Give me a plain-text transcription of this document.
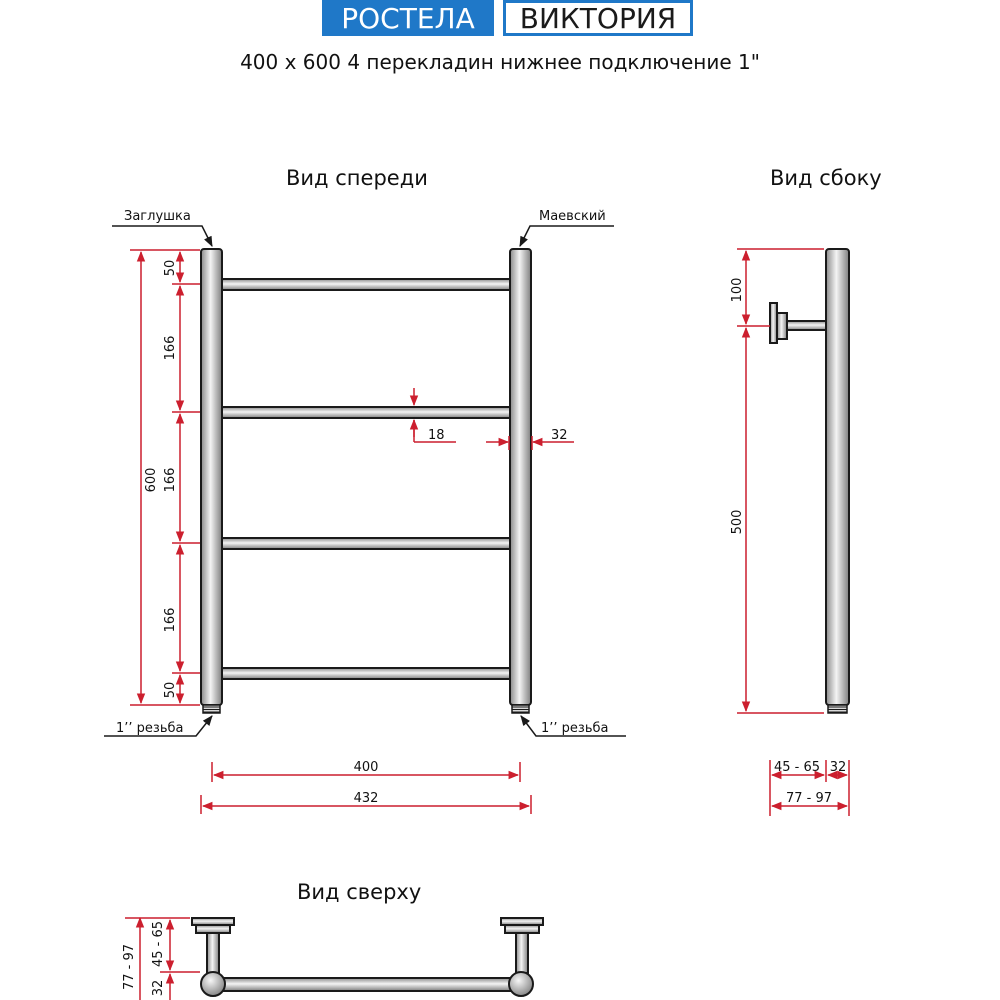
РОСТЕЛА ВИКТОРИЯ
400 x 600 4 перекладин нижнее подключение 1"
Вид спереди	Вид сбоку
Вид сверху
Заглушка	Маевский
1’’ резьба	1’’ резьба
600
50
166
166
166
50
18	32
400
432
100
500
45 - 65 32
77 - 97
77 - 97 45 - 65
32
